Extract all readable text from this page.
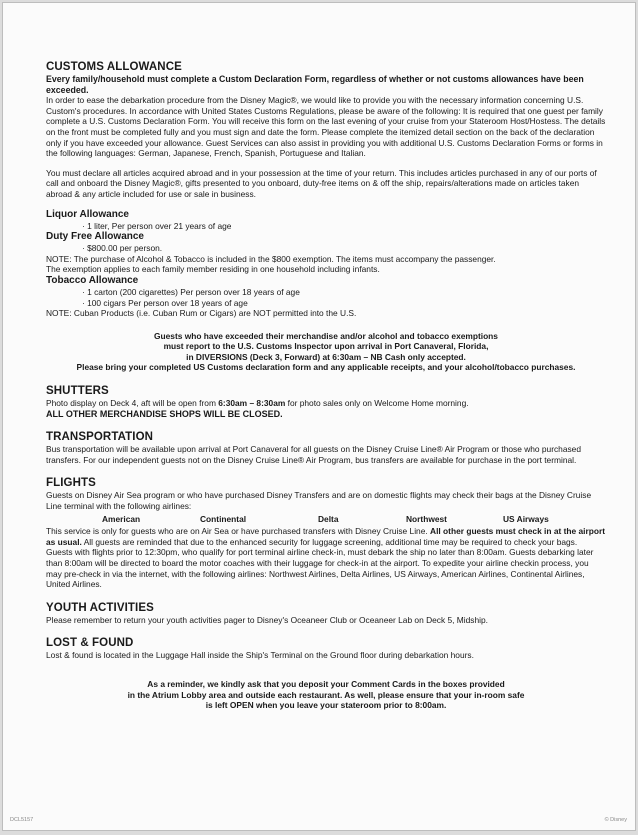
CUSTOMS ALLOWANCE

Every family/household must complete a Custom Declaration Form, regardless of whether or not customs allowances have been exceeded.

In order to ease the debarkation procedure from the Disney Magic®, we would like to provide you with the necessary information concerning U.S. Custom's procedures. In accordance with United States Customs Regulations, please be aware of the following: It is required that one guest per family complete a U.S. Customs Declaration Form. You will receive this form on the last evening of your cruise from your Stateroom Host/Hostess. The details on the front must be completed fully and you must sign and date the form. Please complete the itemized detail section on the back of the declaration only if you have exceeded your allowance. Guest Services can also assist in providing you with additional U.S. Customs Declaration Forms or forms in the following languages: German, Japanese, French, Spanish, Portuguese and Italian.

You must declare all articles acquired abroad and in your possession at the time of your return. This includes articles purchased in any of our ports of call and onboard the Disney Magic®, gifts presented to you onboard, duty-free items on & off the ship, repairs/alterations made on articles taken abroad & any article included for use or sale in business.

Liquor Allowance

· 1 liter, Per person over 21 years of age

Duty Free Allowance

· $800.00 per person.

NOTE: The purchase of Alcohol & Tobacco is included in the $800 exemption. The items must accompany the passenger.

The exemption applies to each family member residing in one household including infants.

Tobacco Allowance

· 1 carton (200 cigarettes) Per person over 18 years of age

· 100 cigars Per person over 18 years of age

NOTE: Cuban Products (i.e. Cuban Rum or Cigars) are NOT permitted into the U.S.

Guests who have exceeded their merchandise and/or alcohol and tobacco exemptions

must report to the U.S. Customs Inspector upon arrival in Port Canaveral, Florida,

in DIVERSIONS (Deck 3, Forward) at 6:30am – NB Cash only accepted.

Please bring your completed US Customs declaration form and any applicable receipts, and your alcohol/tobacco purchases.

SHUTTERS

Photo display on Deck 4, aft will be open from 6:30am – 8:30am for photo sales only on Welcome Home morning.

ALL OTHER MERCHANDISE SHOPS WILL BE CLOSED.

TRANSPORTATION

Bus transportation will be available upon arrival at Port Canaveral for all guests on the Disney Cruise Line® Air Program or those who purchased transfers. For our independent guests not on the Disney Cruise Line® Air Program, bus transfers are available for purchase in the port terminal.

FLIGHTS

Guests on Disney Air Sea program or who have purchased Disney Transfers and are on domestic flights may check their bags at the Disney Cruise Line terminal with the following airlines:

American	Continental	Delta	Northwest	US Airways

This service is only for guests who are on Air Sea or have purchased transfers with Disney Cruise Line. All other guests must check in at the airport as usual. All guests are reminded that due to the enhanced security for luggage screening, additional time may be required to check your bags. Guests with flights prior to 12:30pm, who qualify for port terminal airline check-in, must debark the ship no later than 8:00am. Guests debarking later than 8:00am will be directed to board the motor coaches with their luggage for check-in at the airport. To expedite your airline checkin process, you may pre-check in via the internet, with the following airlines: Northwest Airlines, Delta Airlines, US Airways, American Airlines, Continental Airlines, United Airlines.

YOUTH ACTIVITIES

Please remember to return your youth activities pager to Disney's Oceaneer Club or Oceaneer Lab on Deck 5, Midship.

LOST & FOUND

Lost & found is located in the Luggage Hall inside the Ship's Terminal on the Ground floor during debarkation hours.

As a reminder, we kindly ask that you deposit your Comment Cards in the boxes provided

in the Atrium Lobby area and outside each restaurant. As well, please ensure that your in-room safe

is left OPEN when you leave your stateroom prior to 8:00am.

DCL5157	© Disney
